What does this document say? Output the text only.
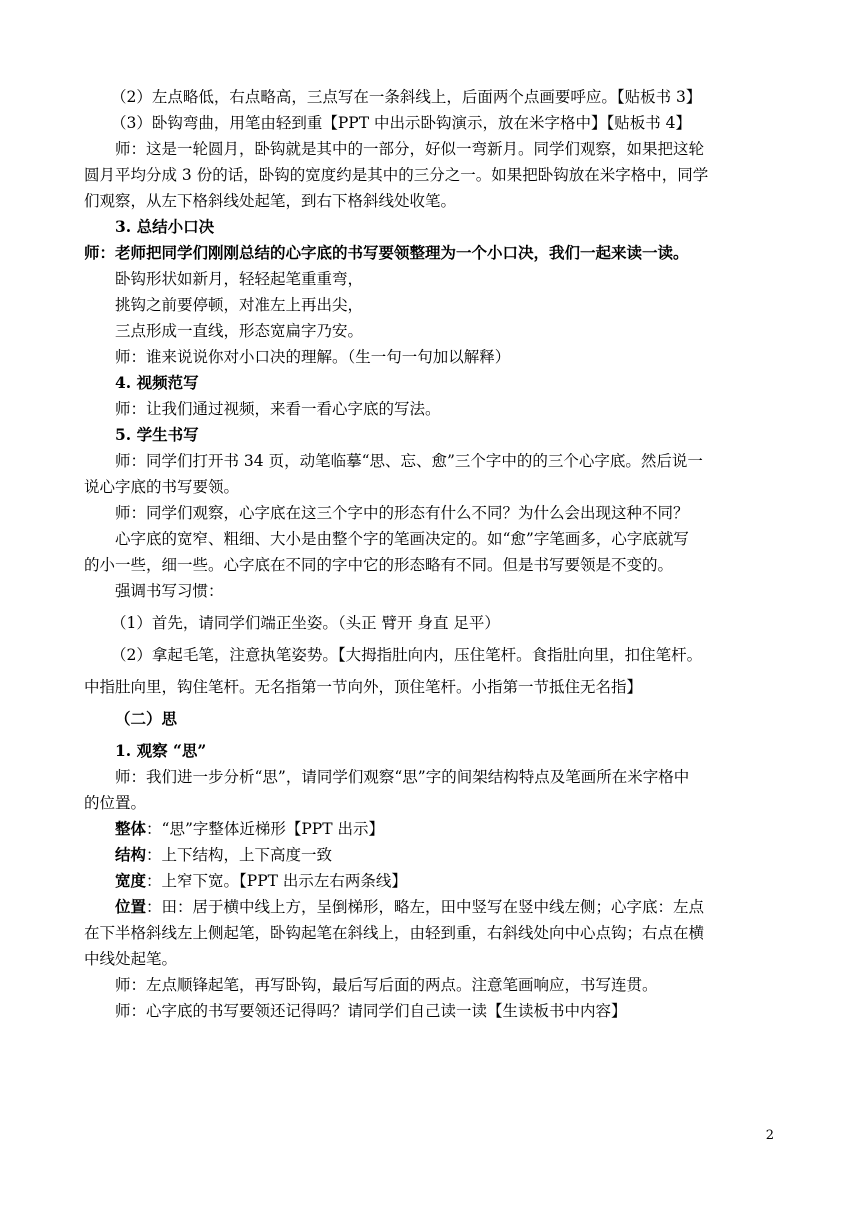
（2）左点略低，右点略高，三点写在一条斜线上，后面两个点画要呼应。【贴板书 3】

（3）卧钩弯曲，用笔由轻到重【PPT 中出示卧钩演示，放在米字格中】【贴板书 4】

师：这是一轮圆月，卧钩就是其中的一部分，好似一弯新月。同学们观察，如果把这轮

圆月平均分成 3 份的话，卧钩的宽度约是其中的三分之一。如果把卧钩放在米字格中，同学

们观察，从左下格斜线处起笔，到右下格斜线处收笔。

3. 总结小口决

师：老师把同学们刚刚总结的心字底的书写要领整理为一个小口决，我们一起来读一读。

卧钩形状如新月，轻轻起笔重重弯，

挑钩之前要停顿，对准左上再出尖，

三点形成一直线，形态宽扁字乃安。

师：谁来说说你对小口决的理解。（生一句一句加以解释）

4. 视频范写

师：让我们通过视频，来看一看心字底的写法。

5. 学生书写

师：同学们打开书 34 页，动笔临摹“思、忘、愈”三个字中的的三个心字底。然后说一

说心字底的书写要领。

师：同学们观察，心字底在这三个字中的形态有什么不同？为什么会出现这种不同？

心字底的宽窄、粗细、大小是由整个字的笔画决定的。如“愈”字笔画多，心字底就写

的小一些，细一些。心字底在不同的字中它的形态略有不同。但是书写要领是不变的。

强调书写习惯：

（1）首先，请同学们端正坐姿。（头正 臂开 身直 足平）

（2）拿起毛笔，注意执笔姿势。【大拇指肚向内，压住笔杆。食指肚向里，扣住笔杆。

中指肚向里，钩住笔杆。无名指第一节向外，顶住笔杆。小指第一节抵住无名指】

（二）思

1. 观察 “思”

师：我们进一步分析“思”，请同学们观察“思”字的间架结构特点及笔画所在米字格中

的位置。

整体：“思”字整体近梯形【PPT 出示】

结构：上下结构，上下高度一致

宽度：上窄下宽。【PPT 出示左右两条线】

位置：田：居于横中线上方，呈倒梯形，略左，田中竖写在竖中线左侧；心字底：左点

在下半格斜线左上侧起笔，卧钩起笔在斜线上，由轻到重，右斜线处向中心点钩；右点在横

中线处起笔。

师：左点顺锋起笔，再写卧钩，最后写后面的两点。注意笔画响应，书写连贯。

师：心字底的书写要领还记得吗？请同学们自己读一读【生读板书中内容】

2
